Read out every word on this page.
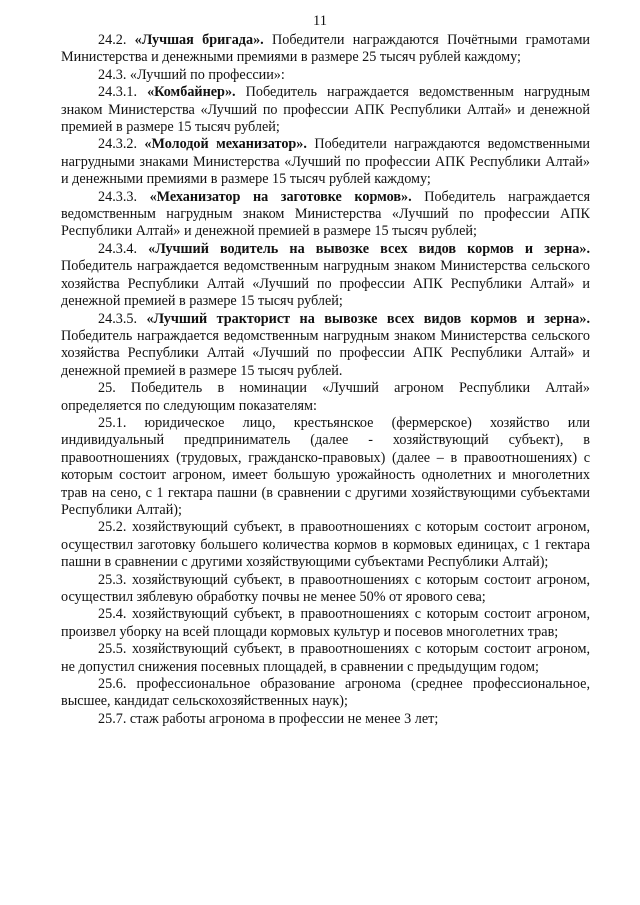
11

24.2. «Лучшая бригада». Победители награждаются Почётными грамотами Министерства и денежными премиями в размере 25 тысяч рублей каждому;

24.3. «Лучший по профессии»:

24.3.1. «Комбайнер». Победитель награждается ведомственным нагрудным знаком Министерства «Лучший по профессии АПК Республики Алтай» и денежной премией в размере 15 тысяч рублей;

24.3.2. «Молодой механизатор». Победители награждаются ведомственными нагрудными знаками Министерства «Лучший по профессии АПК Республики Алтай» и денежными премиями в размере 15 тысяч рублей каждому;

24.3.3. «Механизатор на заготовке кормов». Победитель награждается ведомственным нагрудным знаком Министерства «Лучший по профессии АПК Республики Алтай» и денежной премией в размере 15 тысяч рублей;

24.3.4. «Лучший водитель на вывозке всех видов кормов и зерна». Победитель награждается ведомственным нагрудным знаком Министерства сельского хозяйства Республики Алтай «Лучший по профессии АПК Республики Алтай» и денежной премией в размере 15 тысяч рублей;

24.3.5. «Лучший тракторист на вывозке всех видов кормов и зерна». Победитель награждается ведомственным нагрудным знаком Министерства сельского хозяйства Республики Алтай «Лучший по профессии АПК Республики Алтай» и денежной премией в размере 15 тысяч рублей.

25. Победитель в номинации «Лучший агроном Республики Алтай» определяется по следующим показателям:

25.1. юридическое лицо, крестьянское (фермерское) хозяйство или индивидуальный предприниматель (далее - хозяйствующий субъект), в правоотношениях (трудовых, гражданско-правовых) (далее – в правоотношениях) с которым состоит агроном, имеет большую урожайность однолетних и многолетних трав на сено, с 1 гектара пашни (в сравнении с другими хозяйствующими субъектами Республики Алтай);

25.2. хозяйствующий субъект, в правоотношениях с которым состоит агроном, осуществил заготовку большего количества кормов в кормовых единицах, с 1 гектара пашни в сравнении с другими хозяйствующими субъектами Республики Алтай);

25.3. хозяйствующий субъект, в правоотношениях с которым состоит агроном, осуществил зяблевую обработку почвы не менее 50% от ярового сева;

25.4. хозяйствующий субъект, в правоотношениях с которым состоит агроном, произвел уборку на всей площади кормовых культур и посевов многолетних трав;

25.5. хозяйствующий субъект, в правоотношениях с которым состоит агроном, не допустил снижения посевных площадей, в сравнении с предыдущим годом;

25.6. профессиональное образование агронома (среднее профессиональное, высшее, кандидат сельскохозяйственных наук);

25.7. стаж работы агронома в профессии не менее 3 лет;
